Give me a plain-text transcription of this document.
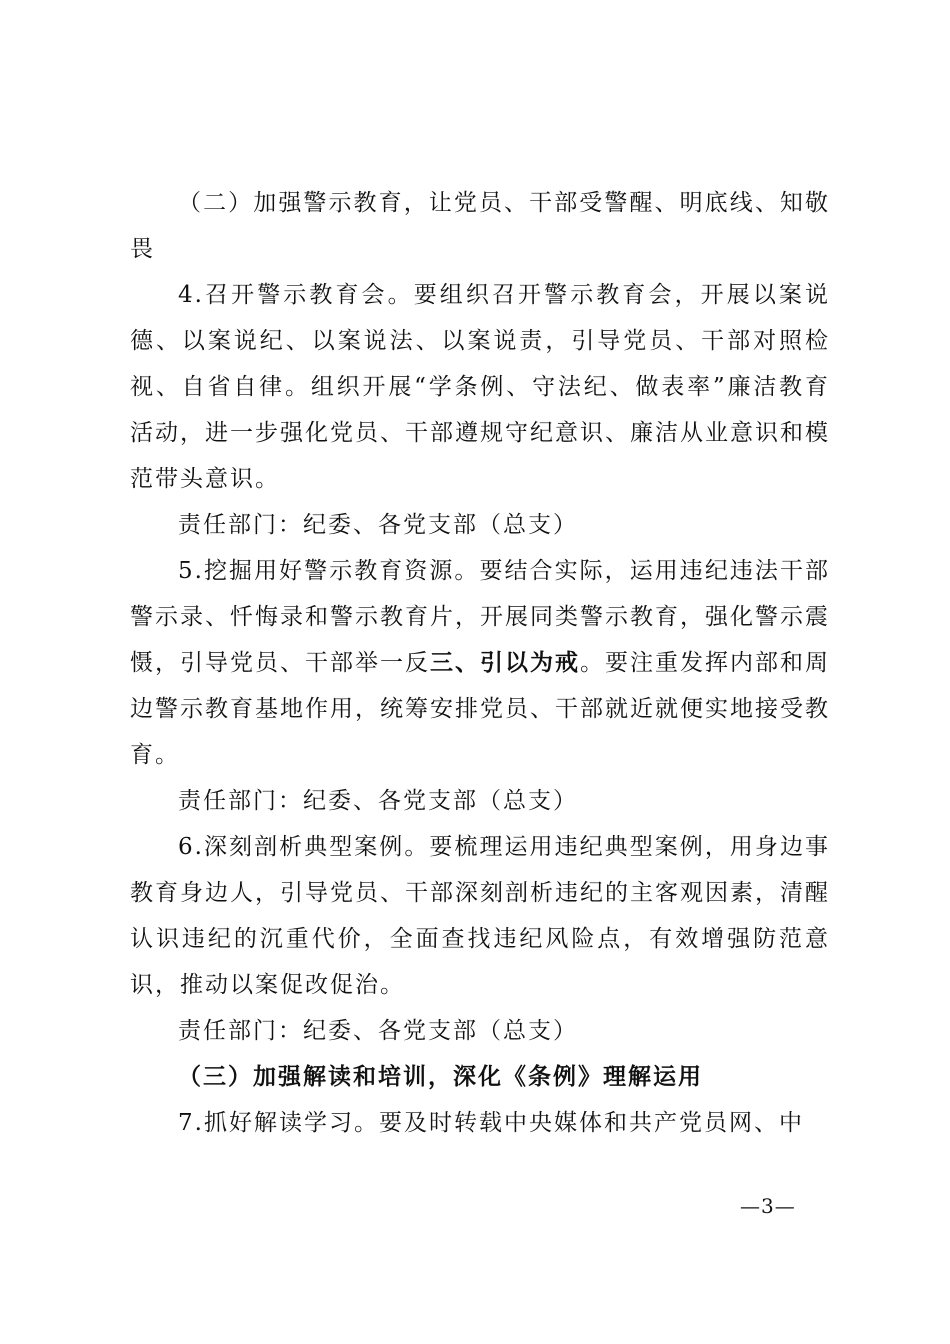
（二）加强警示教育，让党员、干部受警醒、明底线、知敬畏

4.召开警示教育会。要组织召开警示教育会，开展以案说德、以案说纪、以案说法、以案说责，引导党员、干部对照检视、自省自律。组织开展“学条例、守法纪、做表率”廉洁教育活动，进一步强化党员、干部遵规守纪意识、廉洁从业意识和模范带头意识。

责任部门：纪委、各党支部（总支）

5.挖掘用好警示教育资源。要结合实际，运用违纪违法干部警示录、忏悔录和警示教育片，开展同类警示教育，强化警示震慑，引导党员、干部举一反三、引以为戒。要注重发挥内部和周边警示教育基地作用，统筹安排党员、干部就近就便实地接受教育。

责任部门：纪委、各党支部（总支）

6.深刻剖析典型案例。要梳理运用违纪典型案例，用身边事教育身边人，引导党员、干部深刻剖析违纪的主客观因素，清醒认识违纪的沉重代价，全面查找违纪风险点，有效增强防范意识，推动以案促改促治。

责任部门：纪委、各党支部（总支）

（三）加强解读和培训，深化《条例》理解运用

7.抓好解读学习。要及时转载中央媒体和共产党员网、中

—3—
